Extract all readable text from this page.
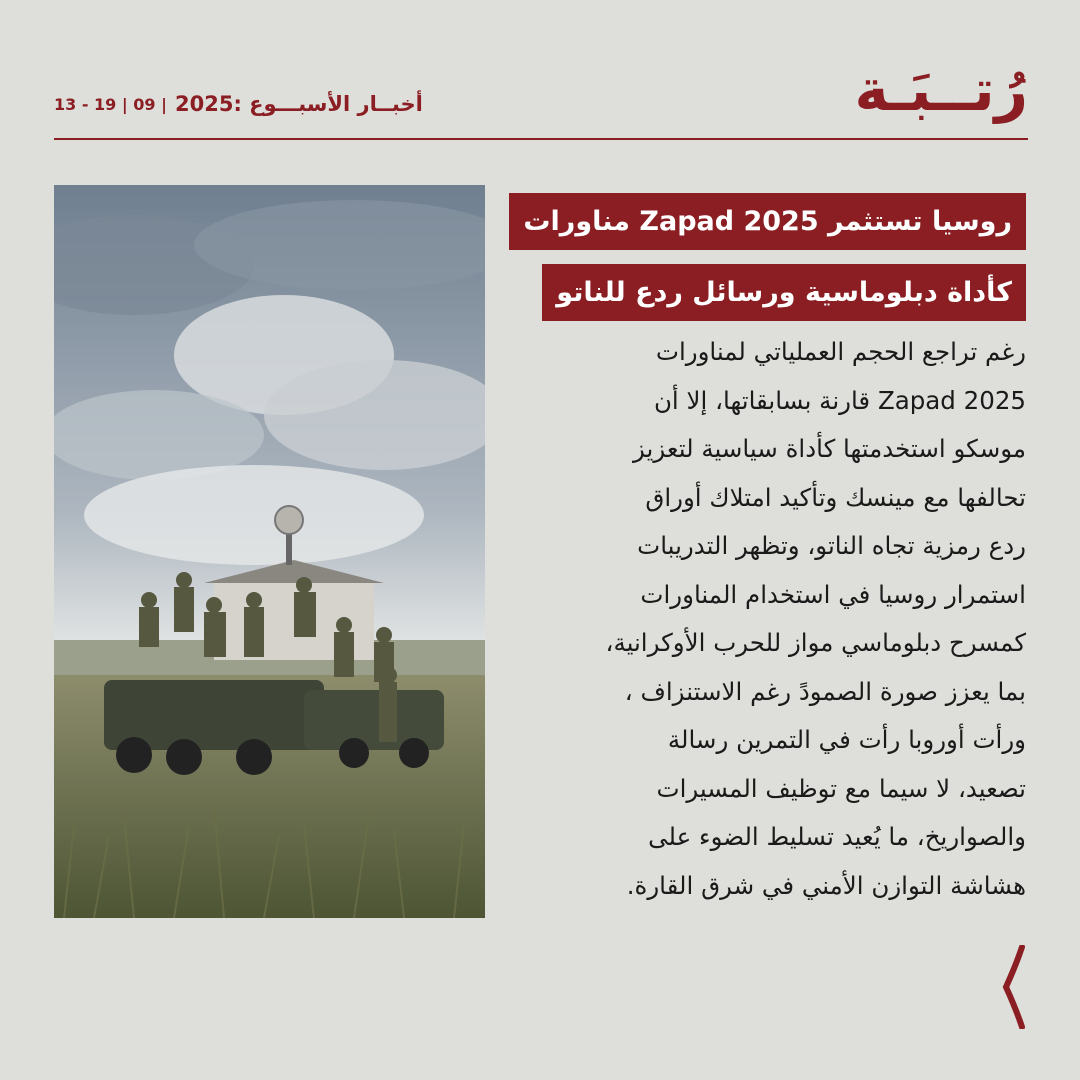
رُتــبَـة
أخبــار الأسبـــوع :2025
13 - 19 | 09 |
روسيا تستثمر Zapad 2025 مناورات
كأداة دبلوماسية ورسائل ردع للناتو
رغم تراجع الحجم العملياتي لمناورات
Zapad 2025 قارنة بسابقاتها، إلا أن
موسكو استخدمتها كأداة سياسية لتعزيز
تحالفها مع مينسك وتأكيد امتلاك أوراق
ردع رمزية تجاه الناتو، وتظهر التدريبات
استمرار روسيا في استخدام المناورات
كمسرح دبلوماسي مواز للحرب الأوكرانية،
بما يعزز صورة الصمودً رغم الاستنزاف ،
ورأت أوروبا رأت في التمرين رسالة
تصعيد، لا سيما مع توظيف المسيرات
والصواريخ، ما يُعيد تسليط الضوء على
هشاشة التوازن الأمني في شرق القارة.
